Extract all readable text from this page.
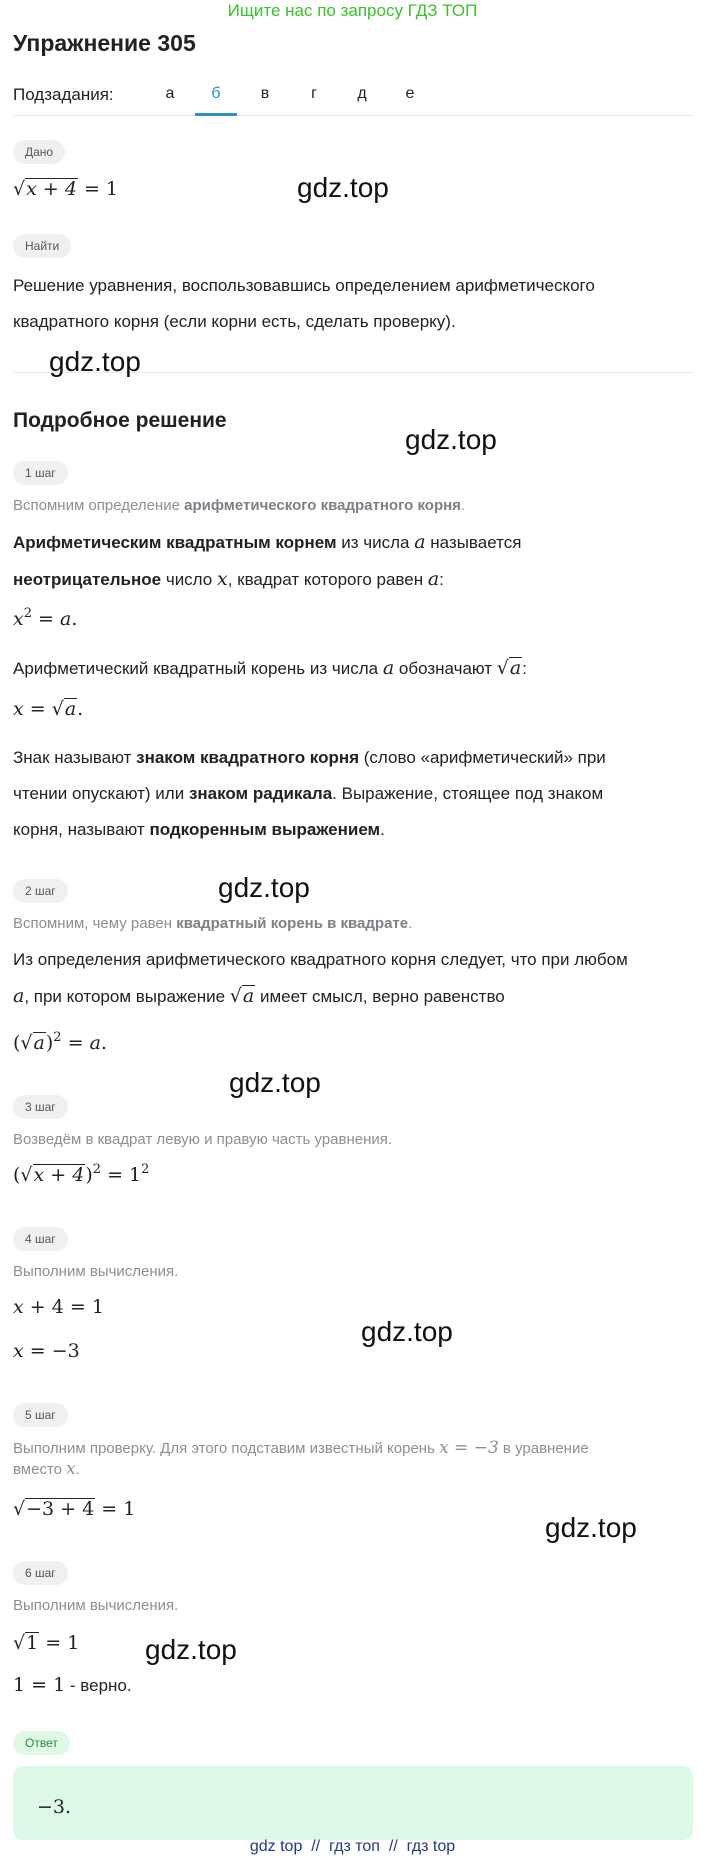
Ищите нас по запросу ГДЗ ТОП
Упражнение 305
Подзадания:	а	б	в	г	д	е
Дано
√x + 4 = 1
Найти
Решение уравнения, воспользовавшись определением арифметического квадратного корня (если корни есть, сделать проверку).
Подробное решение
1 шаг
Вспомним определение арифметического квадратного корня.
Арифметическим квадратным корнем из числа a называется
неотрицательное число x, квадрат которого равен a:
$x^2 = a$.
Арифметический квадратный корень из числа a обозначают √a:
x = √a.
Знак называют знаком квадратного корня (слово «арифметический» при
чтении опускают) или знаком радикала. Выражение, стоящее под знаком
корня, называют подкоренным выражением.
2 шаг
Вспомним, чему равен квадратный корень в квадрате.
Из определения арифметического квадратного корня следует, что при любом
a, при котором выражение √a имеет смысл, верно равенство
$(√a)^2 = a$.
3 шаг
Возведём в квадрат левую и правую часть уравнения.
$(√x + 4)^2 = 1^2$
4 шаг
Выполним вычисления.
x + 4 = 1
x = −3
5 шаг
Выполним проверку. Для этого подставим известный корень x = −3 в уравнение
вместо x.
√−3 + 4 = 1
6 шаг
Выполним вычисления.
√1 = 1
1 = 1 - верно.
Ответ
−3.
gdz.top
gdz.top
gdz.top
gdz.top
gdz.top
gdz.top
gdz.top
gdz.top
gdz top // гдз топ // гдз top
